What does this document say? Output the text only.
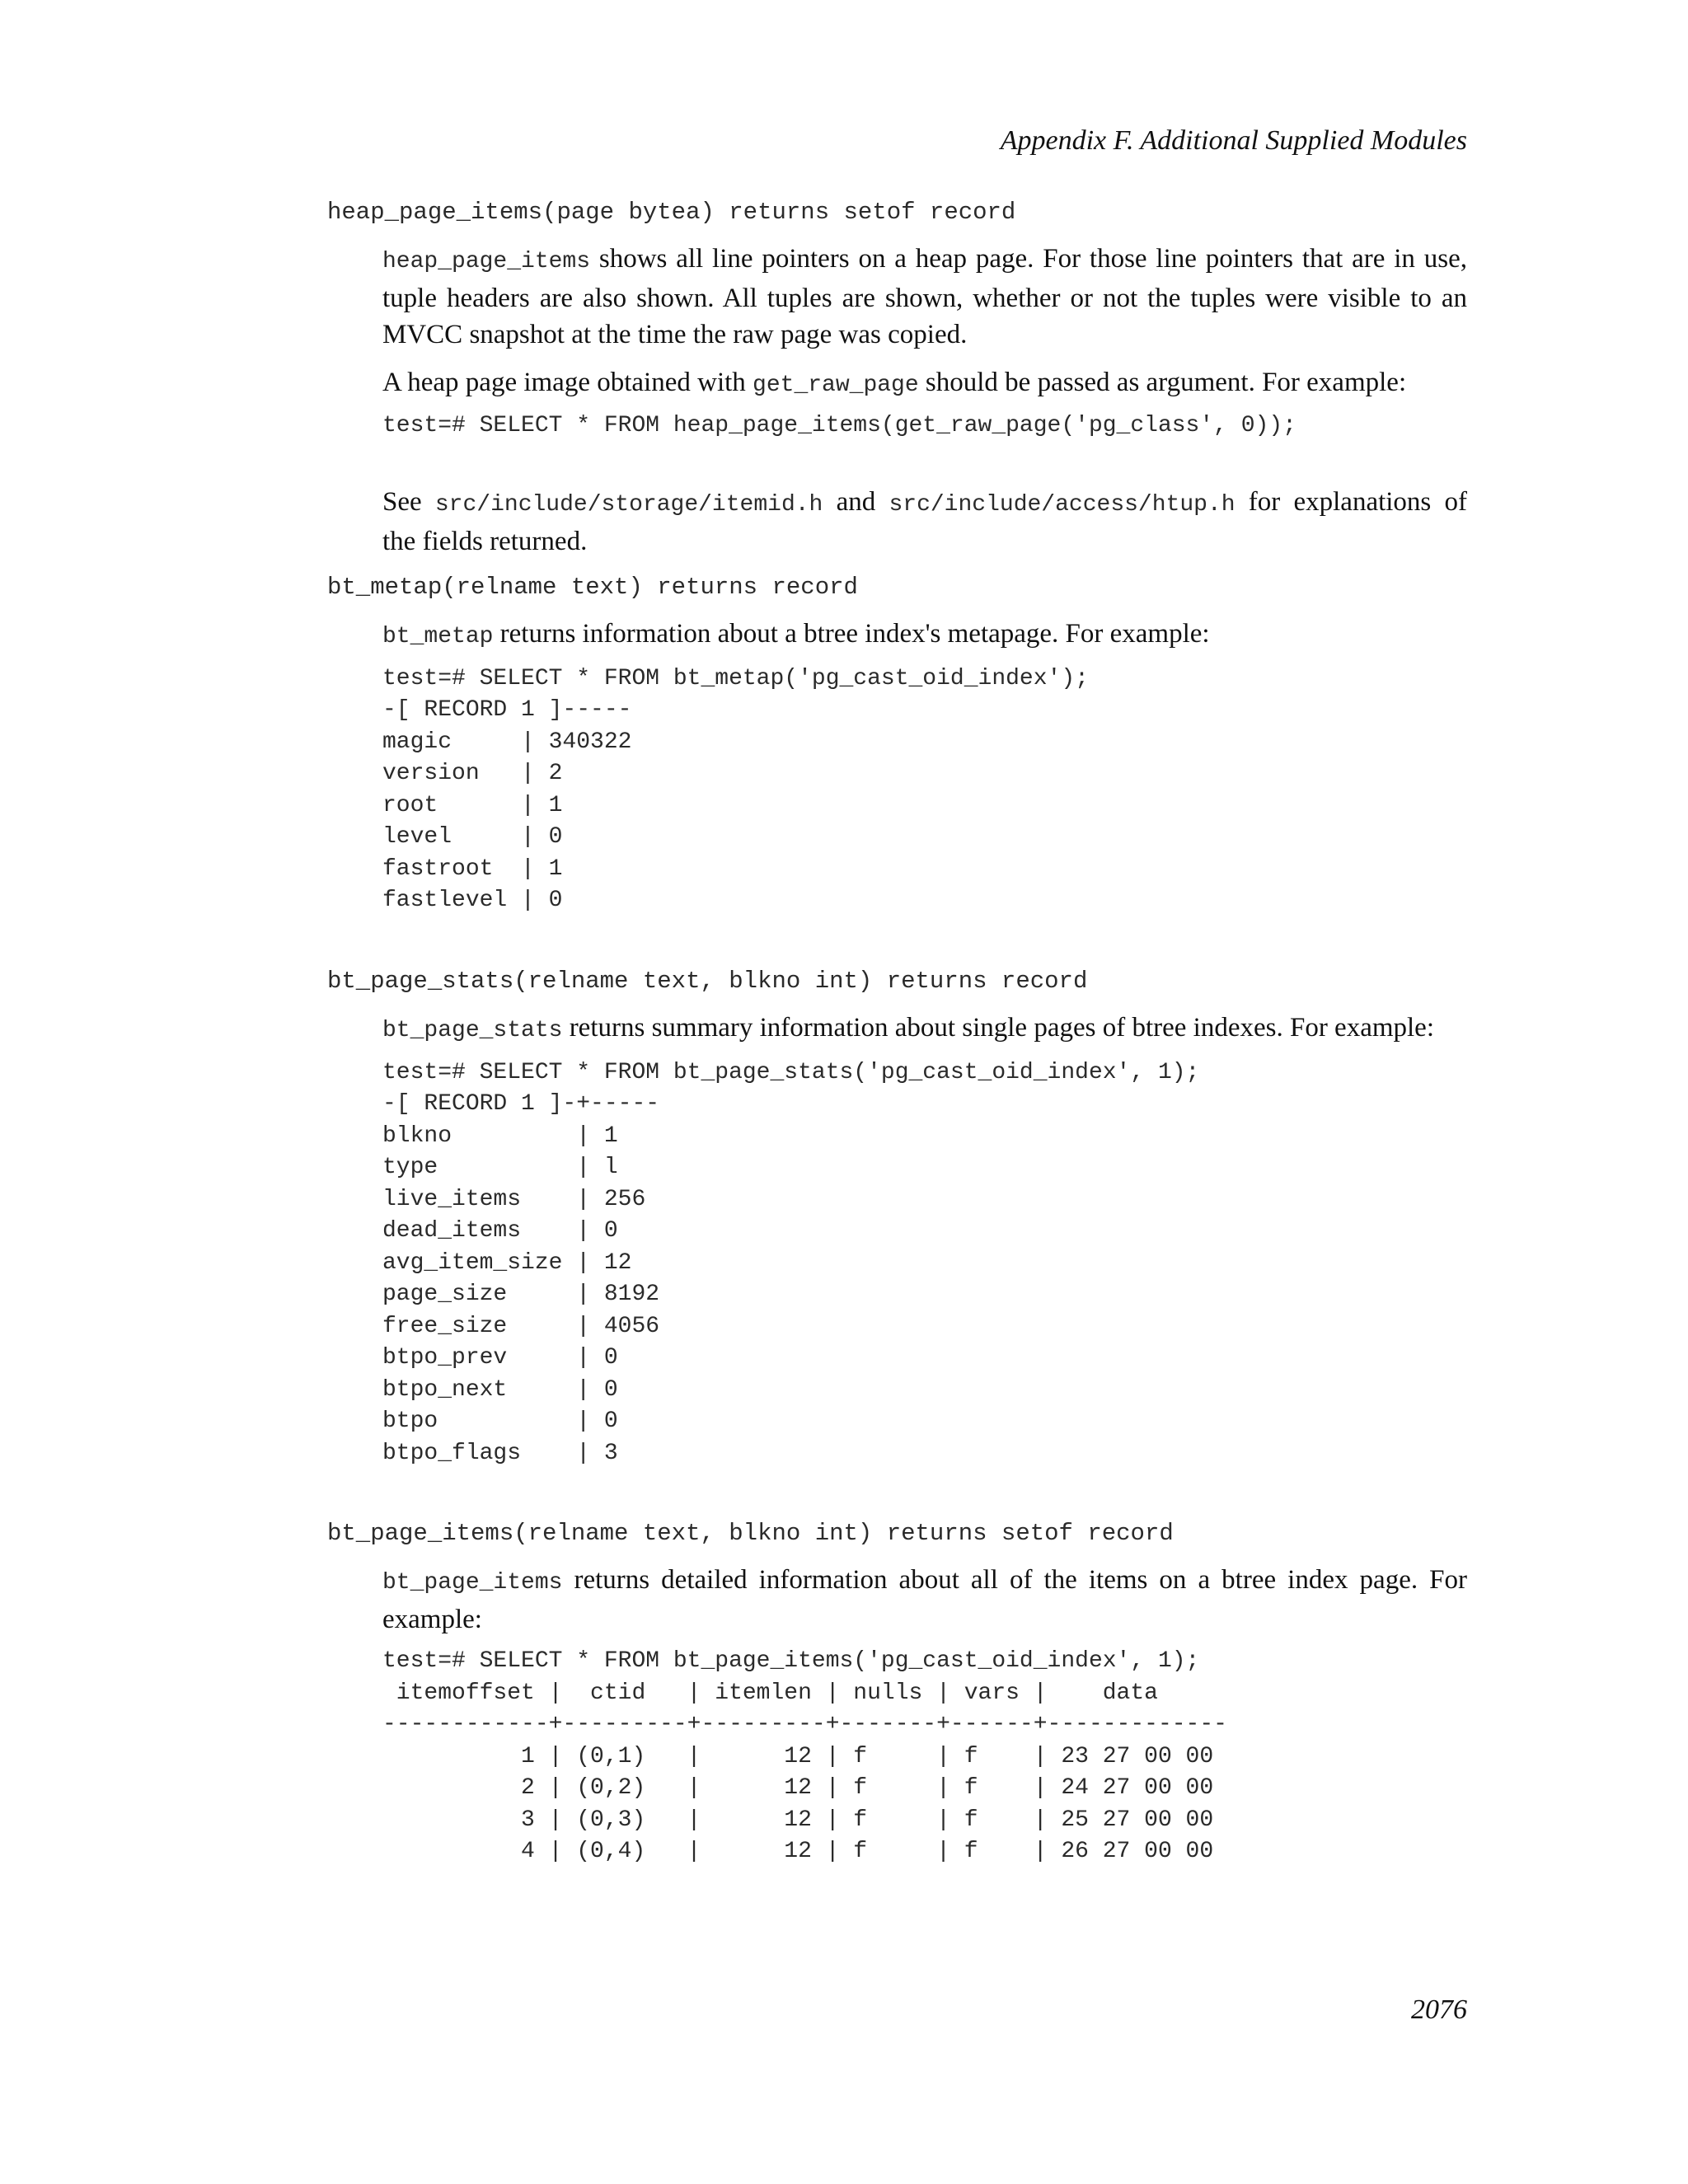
Appendix F. Additional Supplied Modules
heap_page_items(page bytea) returns setof record

heap_page_items shows all line pointers on a heap page. For those line pointers that are in use, tuple headers are also shown. All tuples are shown, whether or not the tuples were visible to an MVCC snapshot at the time the raw page was copied.

A heap page image obtained with get_raw_page should be passed as argument. For example:

test=# SELECT * FROM heap_page_items(get_raw_page('pg_class', 0));

See src/include/storage/itemid.h and src/include/access/htup.h for explanations of the fields returned.

bt_metap(relname text) returns record

bt_metap returns information about a btree index's metapage. For example:

test=# SELECT * FROM bt_metap('pg_cast_oid_index');
-[ RECORD 1 ]-----
magic     | 340322
version   | 2
root      | 1
level     | 0
fastroot  | 1
fastlevel | 0
bt_page_stats(relname text, blkno int) returns record

bt_page_stats returns summary information about single pages of btree indexes. For example:

test=# SELECT * FROM bt_page_stats('pg_cast_oid_index', 1);
-[ RECORD 1 ]-+-----
blkno         | 1
type          | l
live_items    | 256
dead_items    | 0
avg_item_size | 12
page_size     | 8192
free_size     | 4056
btpo_prev     | 0
btpo_next     | 0
btpo          | 0
btpo_flags    | 3
bt_page_items(relname text, blkno int) returns setof record

bt_page_items returns detailed information about all of the items on a btree index page. For example:

test=# SELECT * FROM bt_page_items('pg_cast_oid_index', 1);
itemoffset |  ctid   | itemlen | nulls | vars |    data
------------+---------+---------+-------+------+-------------
1 | (0,1)   |      12 | f     | f    | 23 27 00 00
2 | (0,2)   |      12 | f     | f    | 24 27 00 00
3 | (0,3)   |      12 | f     | f    | 25 27 00 00
4 | (0,4)   |      12 | f     | f    | 26 27 00 00
2076
